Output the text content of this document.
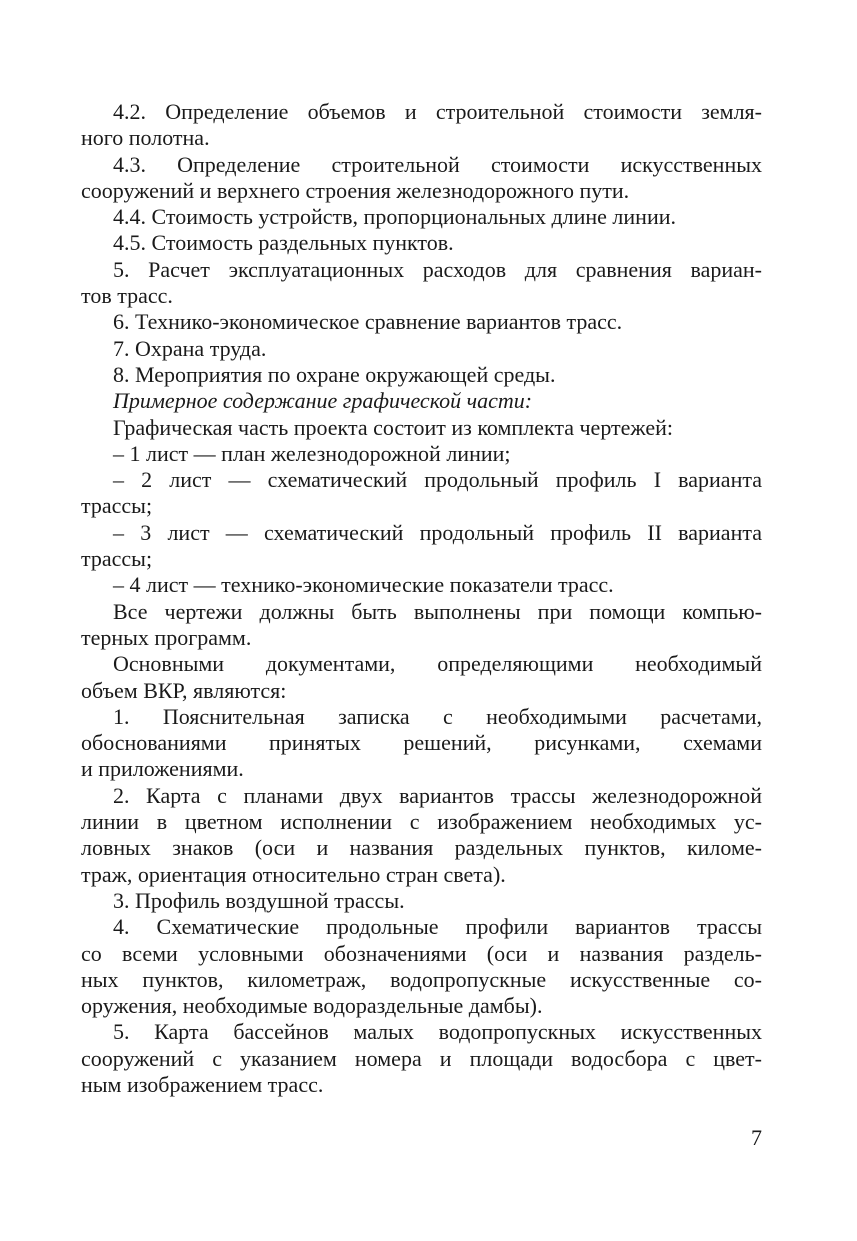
4.2. Определение объемов и строительной стоимости земля-
ного полотна.
4.3. Определение строительной стоимости искусственных
сооружений и верхнего строения железнодорожного пути.
4.4. Стоимость устройств, пропорциональных длине линии.
4.5. Стоимость раздельных пунктов.
5. Расчет эксплуатационных расходов для сравнения вариан-
тов трасс.
6. Технико-экономическое сравнение вариантов трасс.
7. Охрана труда.
8. Мероприятия по охране окружающей среды.
Примерное содержание графической части:
Графическая часть проекта состоит из комплекта чертежей:
– 1 лист — план железнодорожной линии;
– 2 лист — схематический продольный профиль I варианта
трассы;
– 3 лист — схематический продольный профиль II варианта
трассы;
– 4 лист — технико-экономические показатели трасс.
Все чертежи должны быть выполнены при помощи компью-
терных программ.
Основными документами, определяющими необходимый
объем ВКР, являются:
1. Пояснительная записка с необходимыми расчетами,
обоснованиями принятых решений, рисунками, схемами
и приложениями.
2. Карта с планами двух вариантов трассы железнодорожной
линии в цветном исполнении с изображением необходимых ус-
ловных знаков (оси и названия раздельных пунктов, киломе-
траж, ориентация относительно стран света).
3. Профиль воздушной трассы.
4. Схематические продольные профили вариантов трассы
со всеми условными обозначениями (оси и названия раздель-
ных пунктов, километраж, водопропускные искусственные со-
оружения, необходимые водораздельные дамбы).
5. Карта бассейнов малых водопропускных искусственных
сооружений с указанием номера и площади водосбора с цвет-
ным изображением трасс.
7
